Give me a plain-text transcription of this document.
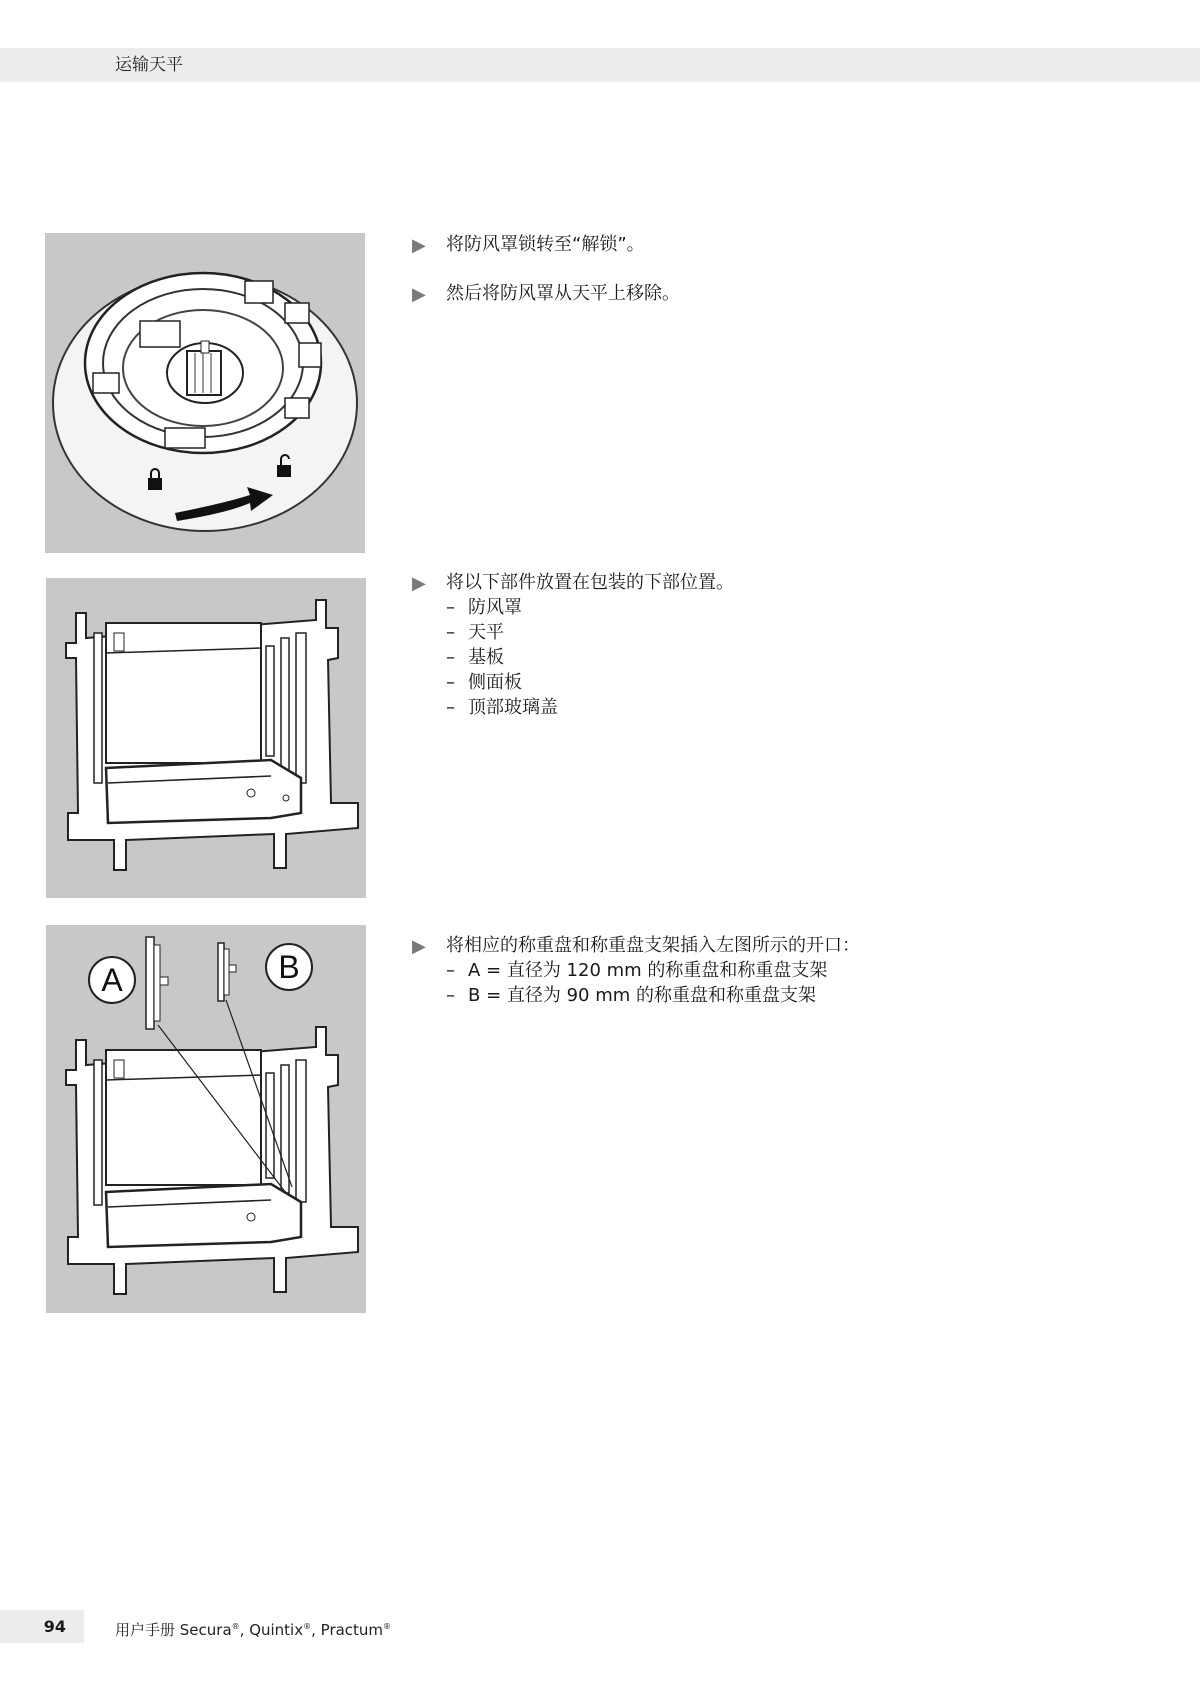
运输天平
▶ 将防风罩锁转至“解锁”。
▶ 然后将防风罩从天平上移除。
▶ 将以下部件放置在包装的下部位置。
– 防风罩
– 天平
– 基板
– 侧面板
– 顶部玻璃盖
A	B
▶ 将相应的称重盘和称重盘支架插入左图所示的开口：
– A = 直径为 120 mm 的称重盘和称重盘支架
– B = 直径为 90 mm 的称重盘和称重盘支架
94	用户手册 Secura®, Quintix®, Practum®
